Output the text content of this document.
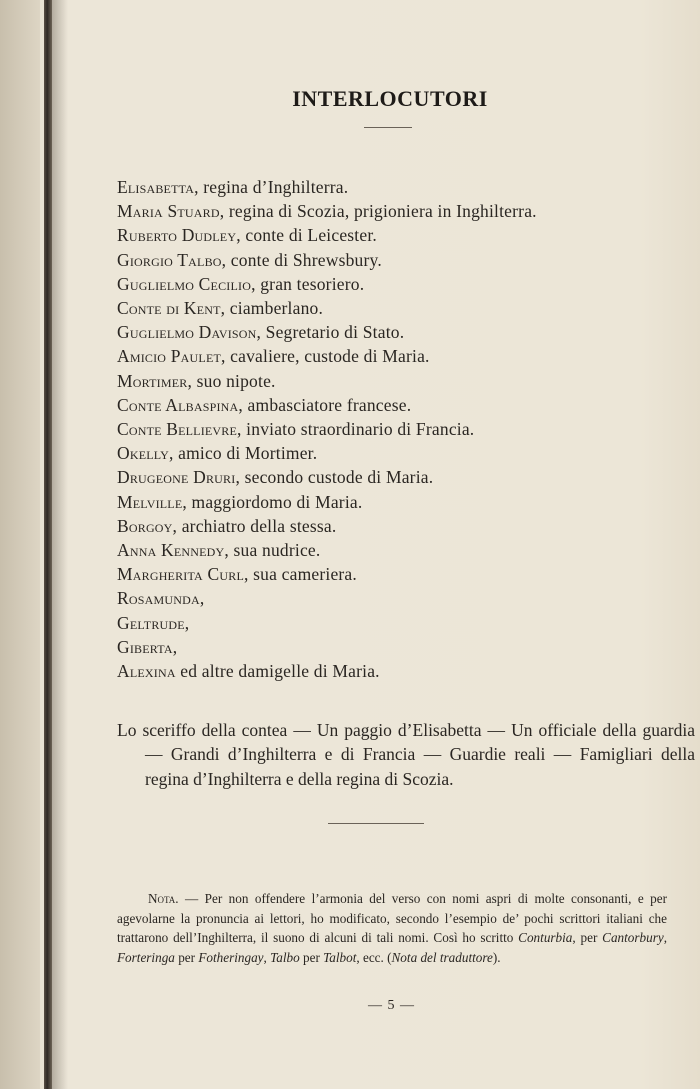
INTERLOCUTORI
Elisabetta, regina d’Inghilterra.
Maria Stuard, regina di Scozia, prigioniera in Inghilterra.
Ruberto Dudley, conte di Leicester.
Giorgio Talbo, conte di Shrewsbury.
Guglielmo Cecilio, gran tesoriero.
Conte di Kent, ciamberlano.
Guglielmo Davison, Segretario di Stato.
Amicio Paulet, cavaliere, custode di Maria.
Mortimer, suo nipote.
Conte Albaspina, ambasciatore francese.
Conte Bellievre, inviato straordinario di Francia.
Okelly, amico di Mortimer.
Drugeone Druri, secondo custode di Maria.
Melville, maggiordomo di Maria.
Borgoy, archiatro della stessa.
Anna Kennedy, sua nudrice.
Margherita Curl, sua cameriera.
Rosamunda,
Geltrude,
Giberta,
Alexina ed altre damigelle di Maria.

Lo sceriffo della contea — Un paggio d’Elisabetta — Un officiale della guardia — Grandi d’Inghilterra e di Francia — Guardie reali — Famigliari della regina d’Inghilterra e della regina di Scozia.

Nota. — Per non offendere l’armonia del verso con nomi aspri di molte consonanti, e per agevolarne la pronuncia ai lettori, ho modificato, secondo l’esempio de’ pochi scrittori italiani che trattarono dell’Inghilterra, il suono di alcuni di tali nomi. Così ho scritto Conturbia, per Cantorbury, Forteringa per Fotheringay, Talbo per Talbot, ecc. (Nota del traduttore).

— 5 —
